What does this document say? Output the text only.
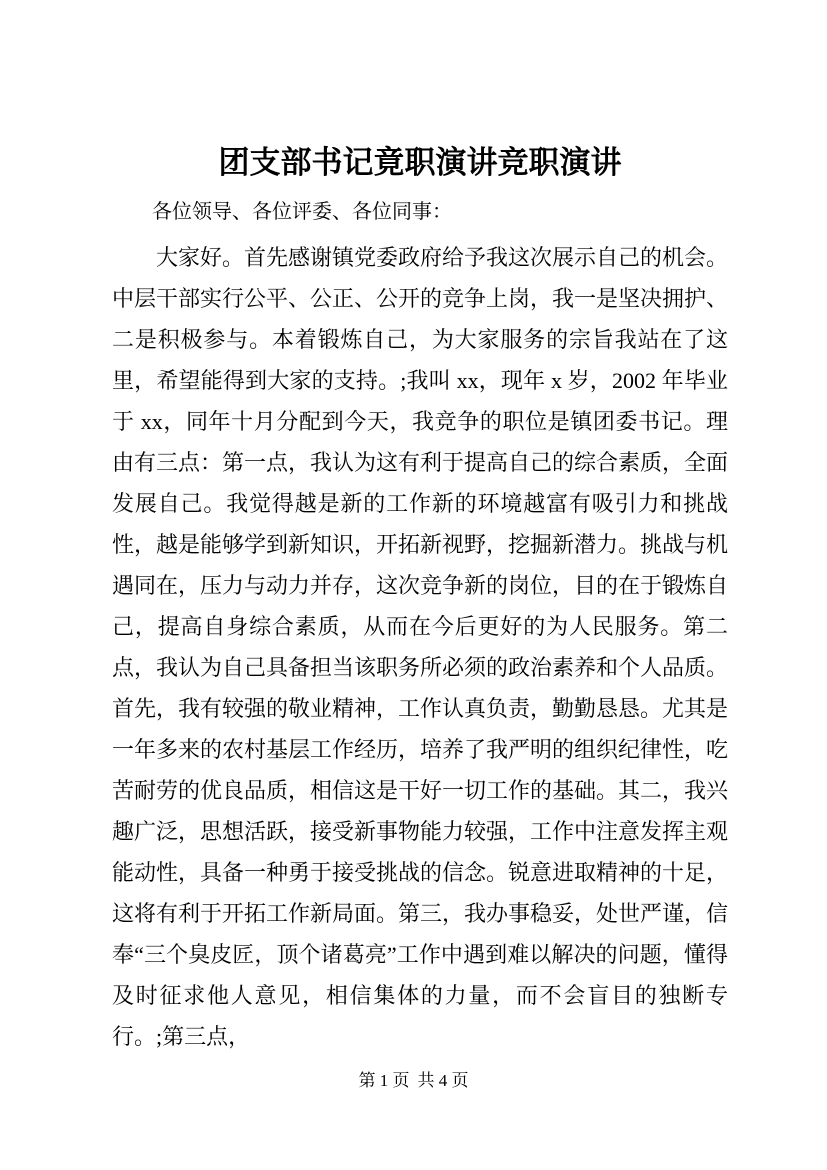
团支部书记竟职演讲竞职演讲
各位领导、各位评委、各位同事：
大家好。首先感谢镇党委政府给予我这次展示自己的机会。中层干部实行公平、公正、公开的竞争上岗，我一是坚决拥护、二是积极参与。本着锻炼自己，为大家服务的宗旨我站在了这里，希望能得到大家的支持。;我叫 xx，现年 x 岁，2002 年毕业于 xx，同年十月分配到今天，我竞争的职位是镇团委书记。理由有三点：第一点，我认为这有利于提高自己的综合素质，全面发展自己。我觉得越是新的工作新的环境越富有吸引力和挑战性，越是能够学到新知识，开拓新视野，挖掘新潜力。挑战与机遇同在，压力与动力并存，这次竞争新的岗位，目的在于锻炼自己，提高自身综合素质，从而在今后更好的为人民服务。第二点，我认为自己具备担当该职务所必须的政治素养和个人品质。首先，我有较强的敬业精神，工作认真负责，勤勤恳恳。尤其是一年多来的农村基层工作经历，培养了我严明的组织纪律性，吃苦耐劳的优良品质，相信这是干好一切工作的基础。其二，我兴趣广泛，思想活跃，接受新事物能力较强，工作中注意发挥主观能动性，具备一种勇于接受挑战的信念。锐意进取精神的十足，这将有利于开拓工作新局面。第三，我办事稳妥，处世严谨，信奉“三个臭皮匠，顶个诸葛亮”工作中遇到难以解决的问题，懂得及时征求他人意见，相信集体的力量，而不会盲目的独断专行。;第三点，
第 1 页 共 4 页
